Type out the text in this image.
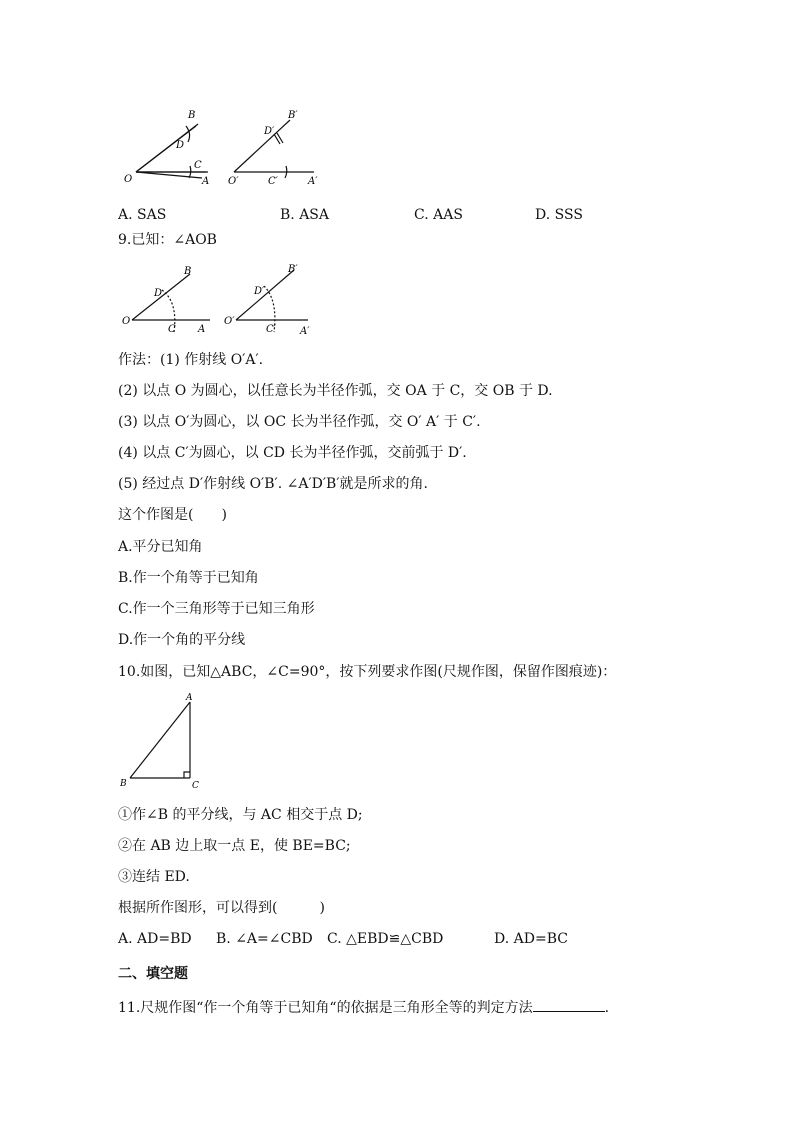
B
D
C
O	A
B′
D′
C′
O′	A′
A. SAS	B. ASA	C. AAS	D. SSS
9.已知：∠AOB
B
D
C
O
A
B′
D′
C′
O′
A′
作法：(1) 作射线 O′A′.
(2) 以点 O 为圆心，以任意长为半径作弧，交 OA 于 C，交 OB 于 D.
(3) 以点 O′为圆心，以 OC 长为半径作弧，交 O′ A′ 于 C′.
(4) 以点 C′为圆心，以 CD 长为半径作弧，交前弧于 D′.
(5) 经过点 D′作射线 O′B′. ∠A′D′B′就是所求的角.
这个作图是(　　)
A.平分已知角
B.作一个角等于已知角
C.作一个三角形等于已知三角形
D.作一个角的平分线
10.如图，已知△ABC，∠C=90°，按下列要求作图(尺规作图，保留作图痕迹)：
A
B	C
①作∠B 的平分线，与 AC 相交于点 D;
②在 AB 边上取一点 E，使 BE=BC;
③连结 ED.
根据所作图形，可以得到(　　　)
A. AD=BD B. ∠A=∠CBD C. △EBD≌△CBD	D. AD=BC
二、填空题
11.尺规作图“作一个角等于已知角“的依据是三角形全等的判定方法	.
